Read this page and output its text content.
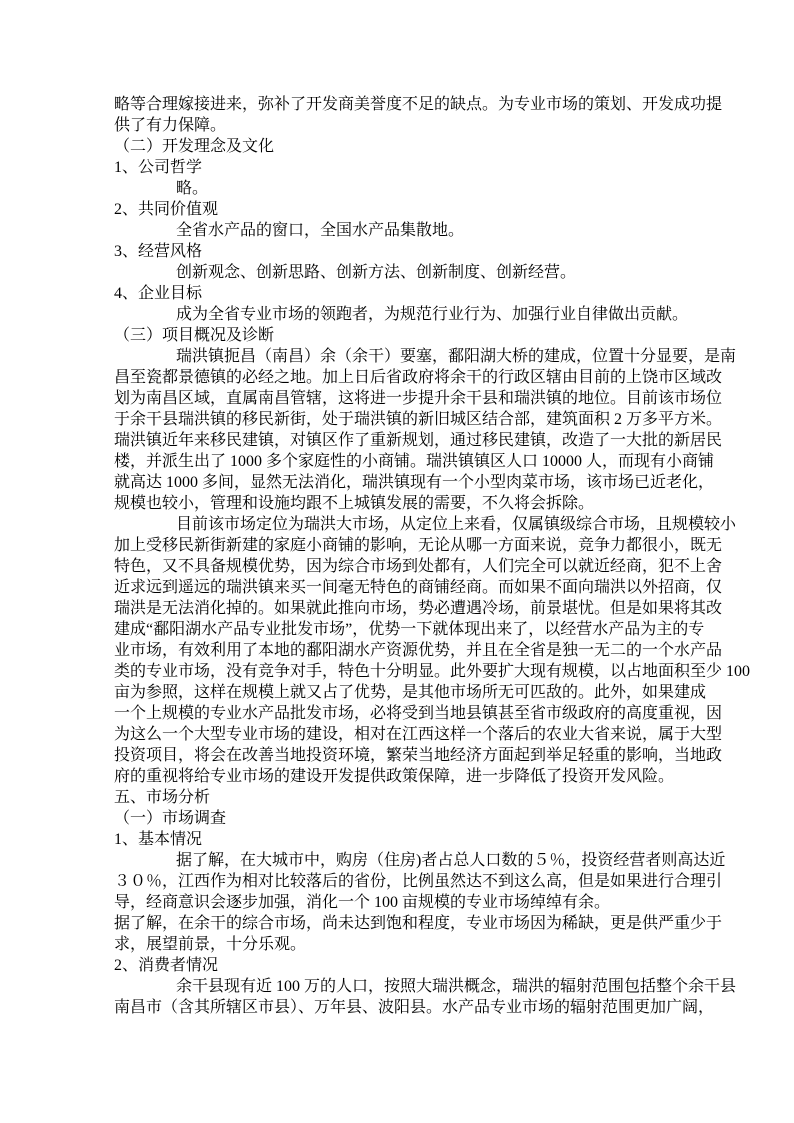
略等合理嫁接进来，弥补了开发商美誉度不足的缺点。为专业市场的策划、开发成功提
供了有力保障。
（二）开发理念及文化
1、公司哲学
略。
2、共同价值观
全省水产品的窗口，全国水产品集散地。
3、经营风格
创新观念、创新思路、创新方法、创新制度、创新经营。
4、企业目标
成为全省专业市场的领跑者，为规范行业行为、加强行业自律做出贡献。
（三）项目概况及诊断
瑞洪镇扼昌（南昌）余（余干）要塞，鄱阳湖大桥的建成，位置十分显要，是南
昌至瓷都景德镇的必经之地。加上日后省政府将余干的行政区辖由目前的上饶市区域改
划为南昌区域，直属南昌管辖，这将进一步提升余干县和瑞洪镇的地位。目前该市场位
于余干县瑞洪镇的移民新街，处于瑞洪镇的新旧城区结合部，建筑面积 2 万多平方米。
瑞洪镇近年来移民建镇，对镇区作了重新规划，通过移民建镇，改造了一大批的新居民
楼，并派生出了 1000 多个家庭性的小商铺。瑞洪镇镇区人口 10000 人，而现有小商铺
就高达 1000 多间，显然无法消化，瑞洪镇现有一个小型肉菜市场，该市场已近老化，
规模也较小，管理和设施均跟不上城镇发展的需要，不久将会拆除。
目前该市场定位为瑞洪大市场，从定位上来看，仅属镇级综合市场，且规模较小
加上受移民新街新建的家庭小商铺的影响，无论从哪一方面来说，竞争力都很小，既无
特色，又不具备规模优势，因为综合市场到处都有，人们完全可以就近经商，犯不上舍
近求远到遥远的瑞洪镇来买一间毫无特色的商铺经商。而如果不面向瑞洪以外招商，仅
瑞洪是无法消化掉的。如果就此推向市场，势必遭遇冷场，前景堪忧。但是如果将其改
建成“鄱阳湖水产品专业批发市场”，优势一下就体现出来了，以经营水产品为主的专
业市场，有效利用了本地的鄱阳湖水产资源优势，并且在全省是独一无二的一个水产品
类的专业市场，没有竞争对手，特色十分明显。此外要扩大现有规模，以占地面积至少 100
亩为参照，这样在规模上就又占了优势，是其他市场所无可匹敌的。此外，如果建成
一个上规模的专业水产品批发市场，必将受到当地县镇甚至省市级政府的高度重视，因
为这么一个大型专业市场的建设，相对在江西这样一个落后的农业大省来说，属于大型
投资项目，将会在改善当地投资环境，繁荣当地经济方面起到举足轻重的影响，当地政
府的重视将给专业市场的建设开发提供政策保障，进一步降低了投资开发风险。
五、市场分析
（一）市场调查
1、基本情况
据了解，在大城市中，购房（住房)者占总人口数的５％，投资经营者则高达近
３０％，江西作为相对比较落后的省份，比例虽然达不到这么高，但是如果进行合理引
导，经商意识会逐步加强，消化一个 100 亩规模的专业市场绰绰有余。
据了解，在余干的综合市场，尚未达到饱和程度，专业市场因为稀缺，更是供严重少于
求，展望前景，十分乐观。
2、消费者情况
余干县现有近 100 万的人口，按照大瑞洪概念，瑞洪的辐射范围包括整个余干县
南昌市（含其所辖区市县）、万年县、波阳县。水产品专业市场的辐射范围更加广阔，
